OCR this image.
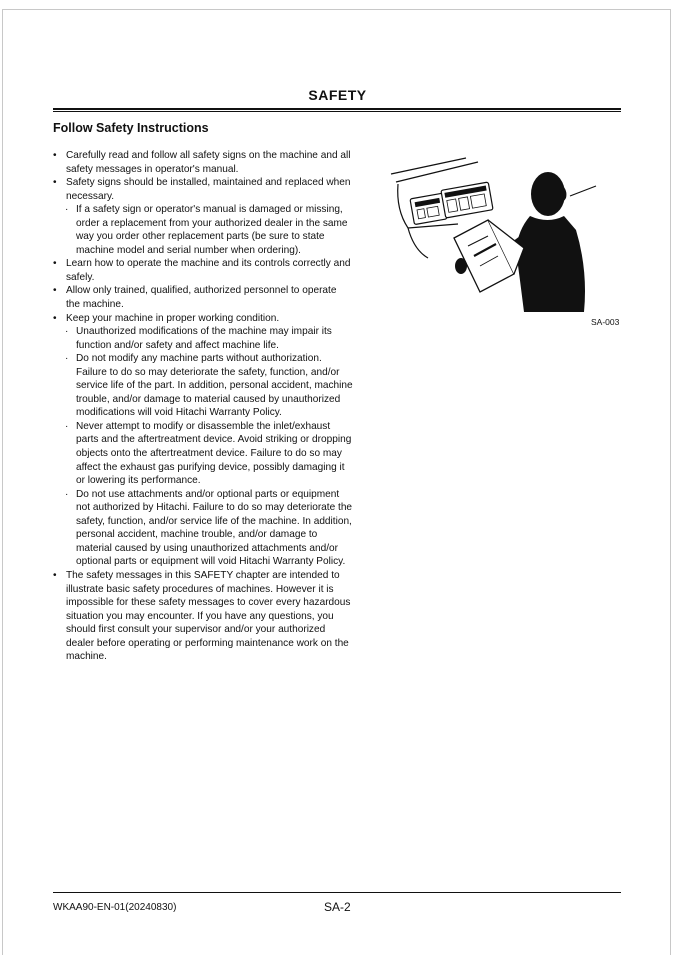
SAFETY
Follow Safety Instructions
• Carefully read and follow all safety signs on the machine and all safety messages in operator's manual.
• Safety signs should be installed, maintained and replaced when necessary.
· If a safety sign or operator's manual is damaged or missing, order a replacement from your authorized dealer in the same way you order other replacement parts (be sure to state machine model and serial number when ordering).
• Learn how to operate the machine and its controls correctly and safely.
• Allow only trained, qualified, authorized personnel to operate the machine.
• Keep your machine in proper working condition.
· Unauthorized modifications of the machine may impair its function and/or safety and affect machine life.
· Do not modify any machine parts without authorization. Failure to do so may deteriorate the safety, function, and/or service life of the part. In addition, personal accident, machine trouble, and/or damage to material caused by unauthorized modifications will void Hitachi Warranty Policy.
· Never attempt to modify or disassemble the inlet/exhaust parts and the aftertreatment device. Avoid striking or dropping objects onto the aftertreatment device. Failure to do so may affect the exhaust gas purifying device, possibly damaging it or lowering its performance.
· Do not use attachments and/or optional parts or equipment not authorized by Hitachi. Failure to do so may deteriorate the safety, function, and/or service life of the machine. In addition, personal accident, machine trouble, and/or damage to material caused by using unauthorized attachments and/or optional parts or equipment will void Hitachi Warranty Policy.
• The safety messages in this SAFETY chapter are intended to illustrate basic safety procedures of machines. However it is impossible for these safety messages to cover every hazardous situation you may encounter. If you have any questions, you should first consult your supervisor and/or your authorized dealer before operating or performing maintenance work on the machine.
SA-003
WKAA90-EN-01(20240830)	SA-2
